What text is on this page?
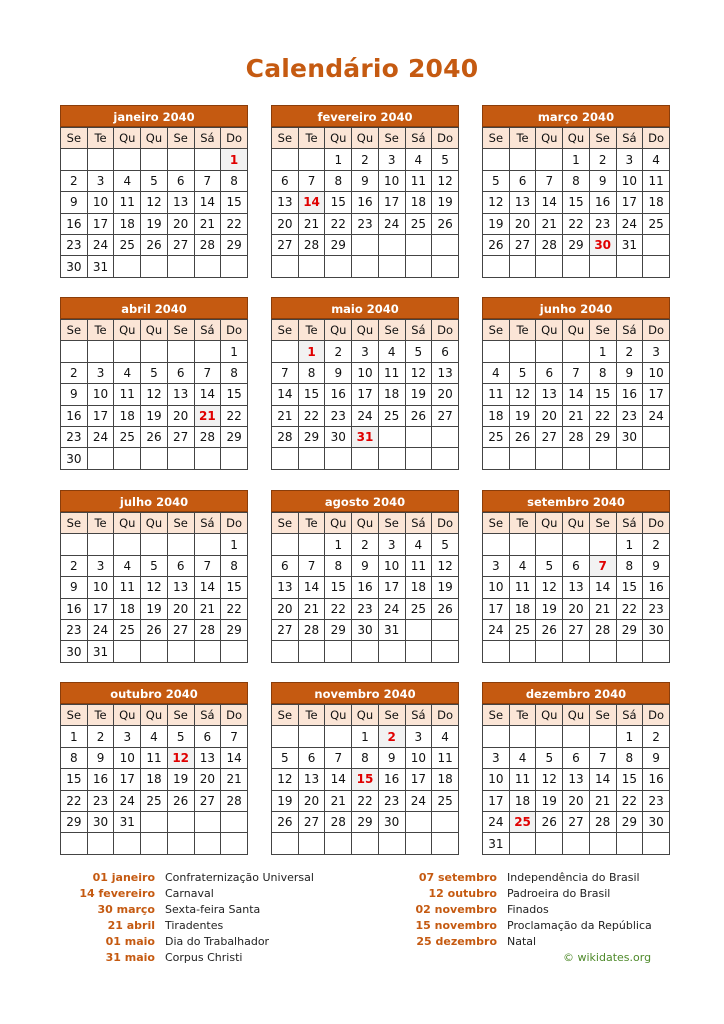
Calendário 2040
janeiro 2040
Se	Te	Qu	Qu	Se	Sá	Do
						1
2	3	4	5	6	7	8
9	10	11	12	13	14	15
16	17	18	19	20	21	22
23	24	25	26	27	28	29
30	31					
fevereiro 2040
Se	Te	Qu	Qu	Se	Sá	Do
		1	2	3	4	5
6	7	8	9	10	11	12
13	14	15	16	17	18	19
20	21	22	23	24	25	26
27	28	29				

março 2040
Se	Te	Qu	Qu	Se	Sá	Do
			1	2	3	4
5	6	7	8	9	10	11
12	13	14	15	16	17	18
19	20	21	22	23	24	25
26	27	28	29	30	31	

abril 2040
Se	Te	Qu	Qu	Se	Sá	Do
						1
2	3	4	5	6	7	8
9	10	11	12	13	14	15
16	17	18	19	20	21	22
23	24	25	26	27	28	29
30						
maio 2040
Se	Te	Qu	Qu	Se	Sá	Do
	1	2	3	4	5	6
7	8	9	10	11	12	13
14	15	16	17	18	19	20
21	22	23	24	25	26	27
28	29	30	31			

junho 2040
Se	Te	Qu	Qu	Se	Sá	Do
				1	2	3
4	5	6	7	8	9	10
11	12	13	14	15	16	17
18	19	20	21	22	23	24
25	26	27	28	29	30	

julho 2040
Se	Te	Qu	Qu	Se	Sá	Do
						1
2	3	4	5	6	7	8
9	10	11	12	13	14	15
16	17	18	19	20	21	22
23	24	25	26	27	28	29
30	31					
agosto 2040
Se	Te	Qu	Qu	Se	Sá	Do
		1	2	3	4	5
6	7	8	9	10	11	12
13	14	15	16	17	18	19
20	21	22	23	24	25	26
27	28	29	30	31		

setembro 2040
Se	Te	Qu	Qu	Se	Sá	Do
					1	2
3	4	5	6	7	8	9
10	11	12	13	14	15	16
17	18	19	20	21	22	23
24	25	26	27	28	29	30

outubro 2040
Se	Te	Qu	Qu	Se	Sá	Do
1	2	3	4	5	6	7
8	9	10	11	12	13	14
15	16	17	18	19	20	21
22	23	24	25	26	27	28
29	30	31				

novembro 2040
Se	Te	Qu	Qu	Se	Sá	Do
			1	2	3	4
5	6	7	8	9	10	11
12	13	14	15	16	17	18
19	20	21	22	23	24	25
26	27	28	29	30		

dezembro 2040
Se	Te	Qu	Qu	Se	Sá	Do
					1	2
3	4	5	6	7	8	9
10	11	12	13	14	15	16
17	18	19	20	21	22	23
24	25	26	27	28	29	30
31						
01 janeiro Confraternização Universal
14 fevereiro Carnaval
30 março Sexta-feira Santa
21 abril Tiradentes
01 maio Dia do Trabalhador
31 maio Corpus Christi
07 setembro Independência do Brasil
12 outubro Padroeira do Brasil
02 novembro Finados
15 novembro Proclamação da República
25 dezembro Natal
© wikidates.org
